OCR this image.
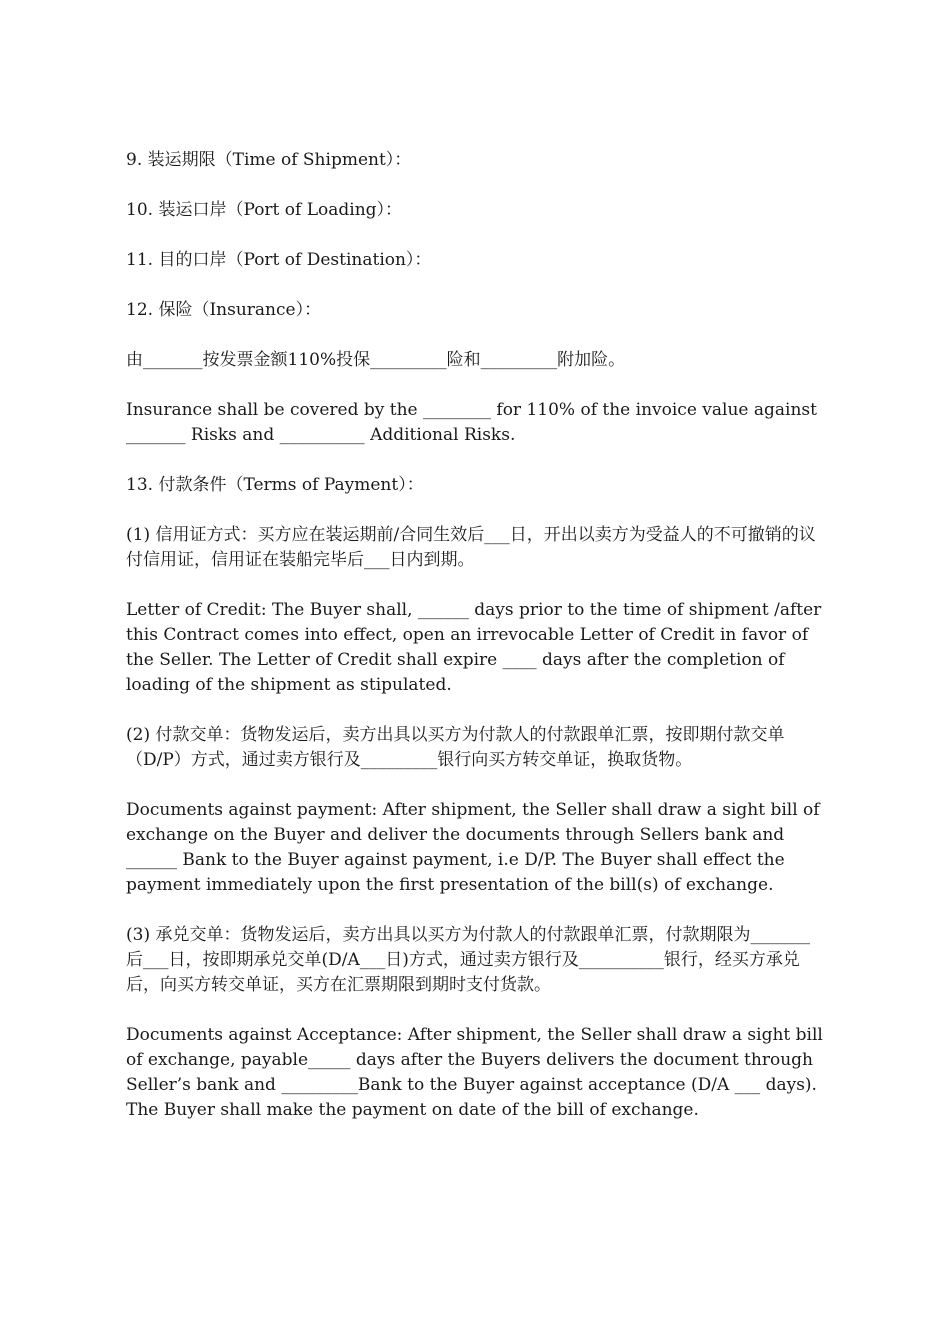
9. 装运期限（Time of Shipment）：

10. 装运口岸（Port of Loading）：

11. 目的口岸（Port of Destination）：

12. 保险（Insurance）：

由_______按发票金额110%投保_________险和_________附加险。

Insurance shall be covered by the ________ for 110% of the invoice value against _______ Risks and __________ Additional Risks.

13. 付款条件（Terms of Payment）：

(1) 信用证方式：买方应在装运期前/合同生效后___日，开出以卖方为受益人的不可撤销的议付信用证，信用证在装船完毕后___日内到期。

Letter of Credit: The Buyer shall, ______ days prior to the time of shipment /after this Contract comes into effect, open an irrevocable Letter of Credit in favor of the Seller. The Letter of Credit shall expire ____ days after the completion of loading of the shipment as stipulated.

(2) 付款交单：货物发运后，卖方出具以买方为付款人的付款跟单汇票，按即期付款交单（D/P）方式，通过卖方银行及_________银行向买方转交单证，换取货物。

Documents against payment: After shipment, the Seller shall draw a sight bill of exchange on the Buyer and deliver the documents through Sellers bank and ______ Bank to the Buyer against payment, i.e D/P. The Buyer shall effect the payment immediately upon the first presentation of the bill(s) of exchange.

(3) 承兑交单：货物发运后，卖方出具以买方为付款人的付款跟单汇票，付款期限为_______后___日，按即期承兑交单(D/A___日)方式，通过卖方银行及__________银行，经买方承兑后，向买方转交单证，买方在汇票期限到期时支付货款。

Documents against Acceptance: After shipment, the Seller shall draw a sight bill of exchange, payable_____ days after the Buyers delivers the document through Seller’s bank and _________Bank to the Buyer against acceptance (D/A ___ days). The Buyer shall make the payment on date of the bill of exchange.
